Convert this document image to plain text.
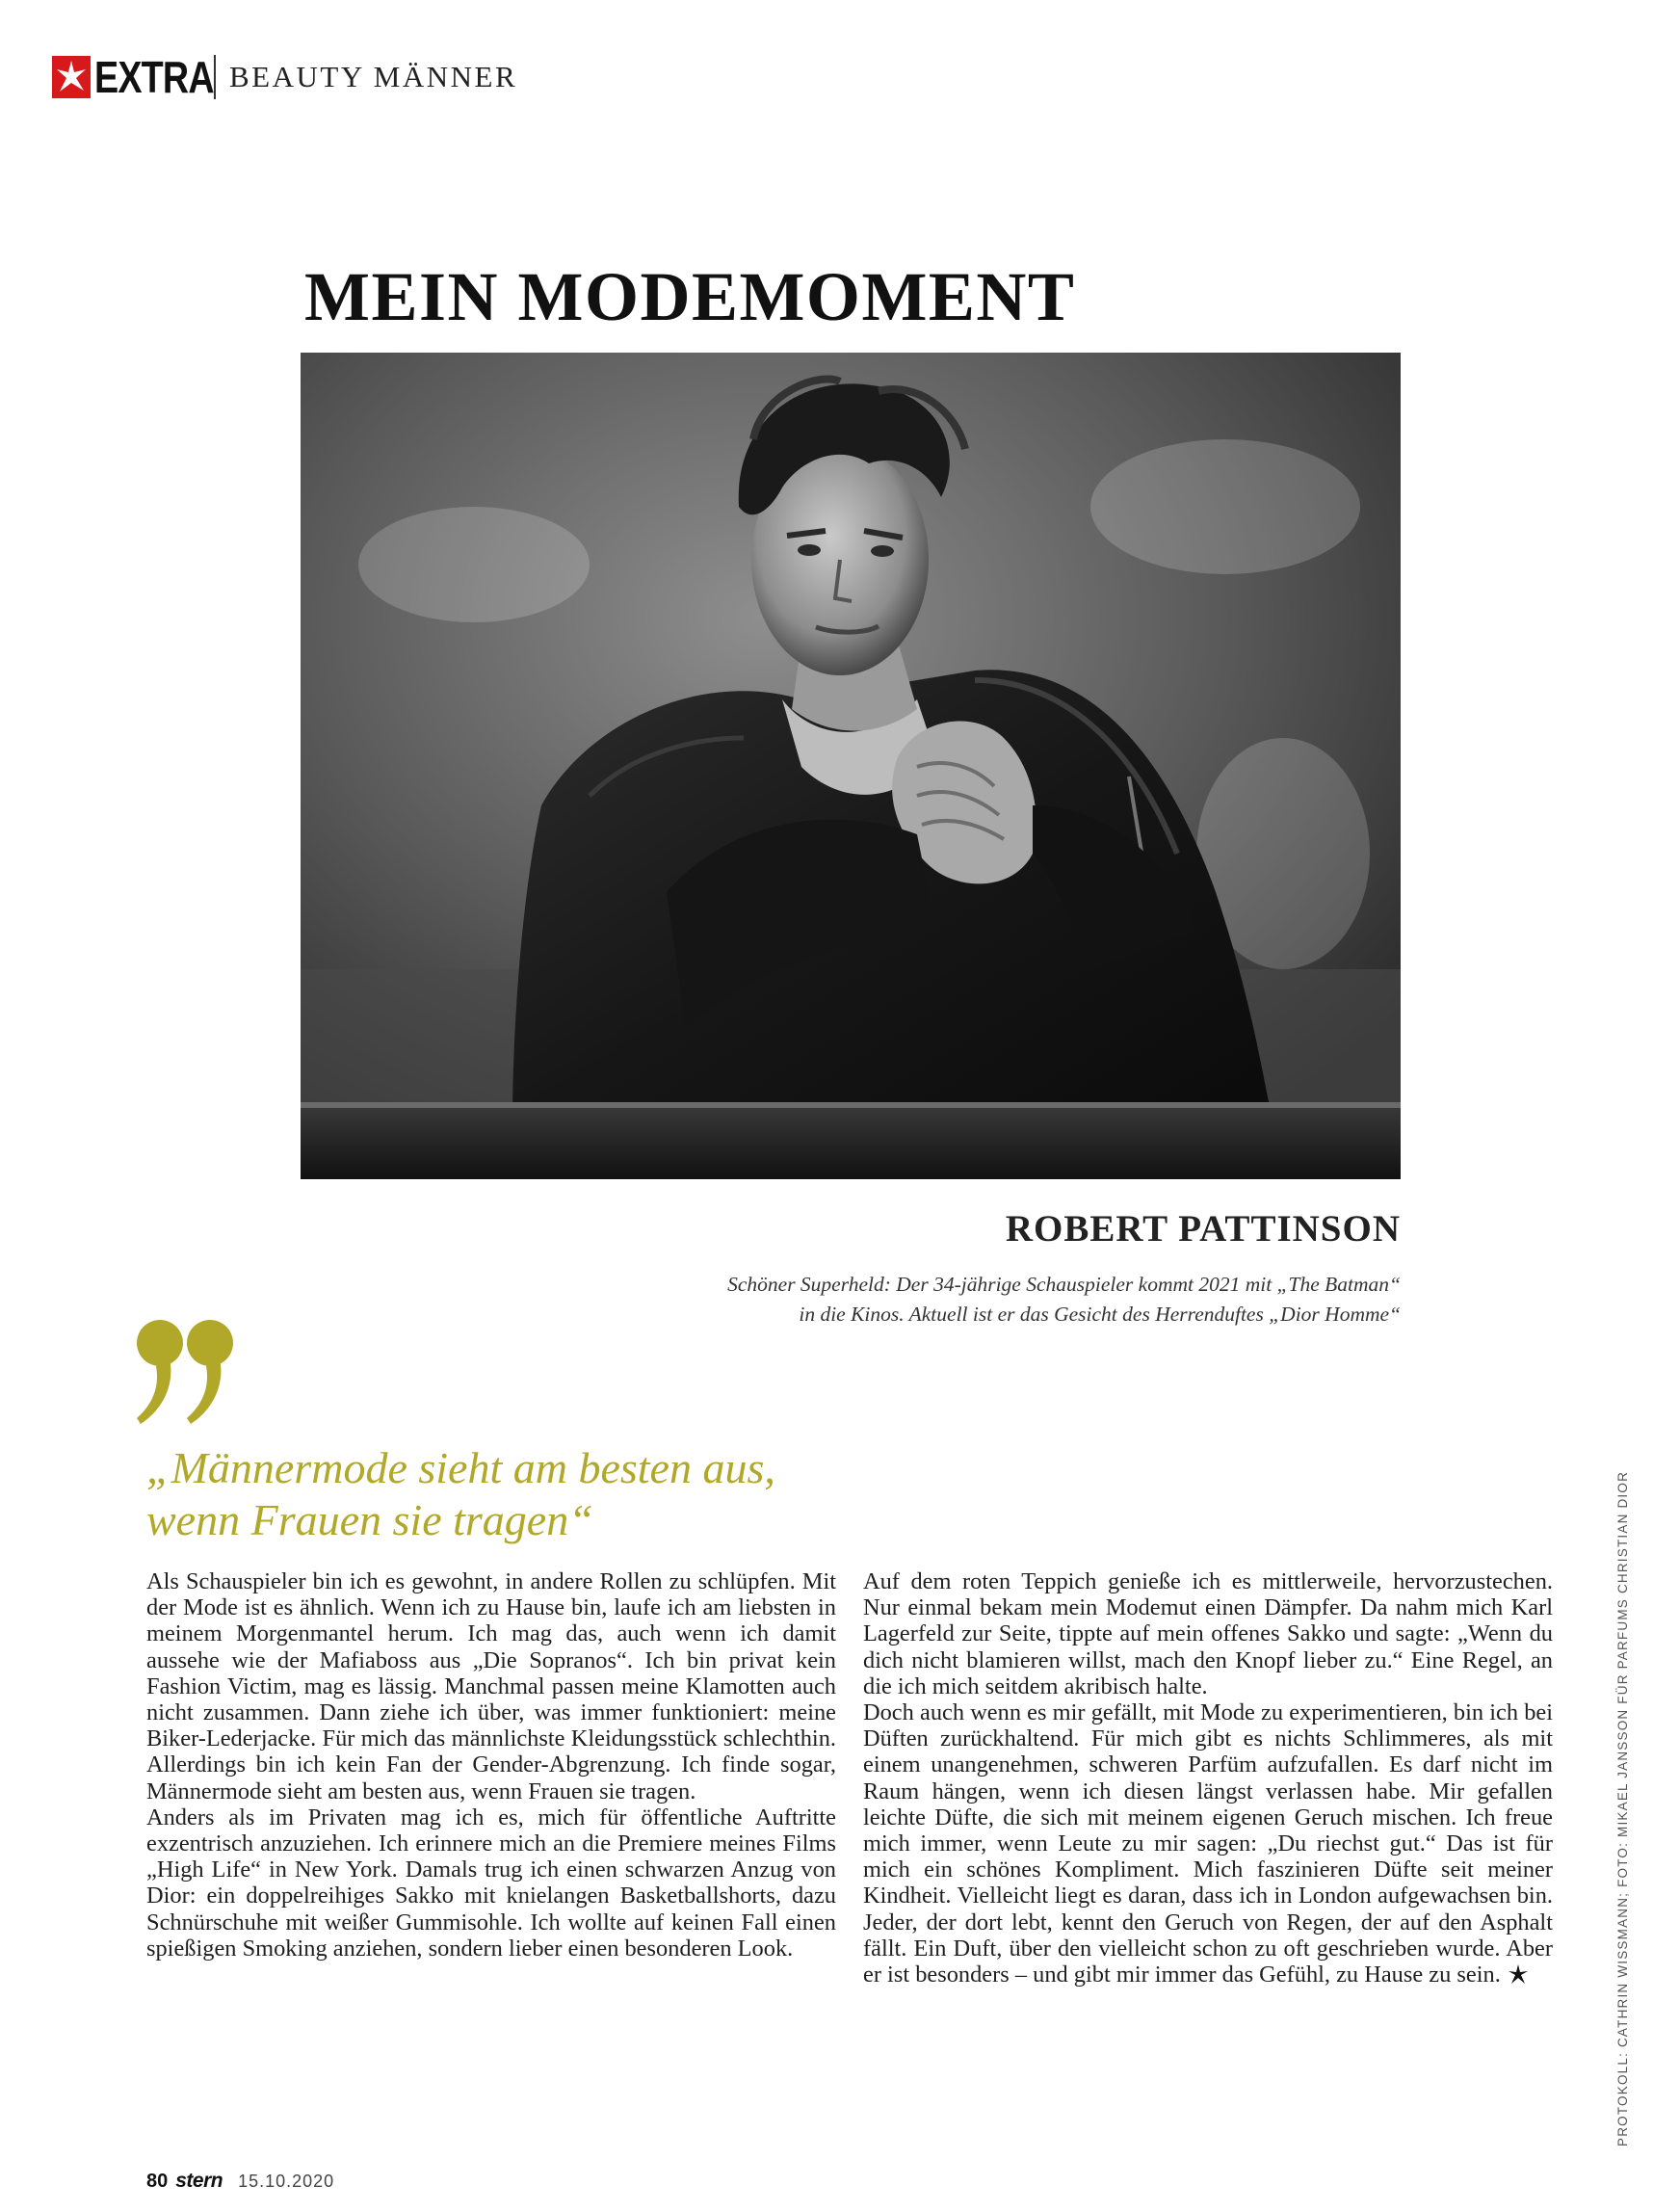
EXTRA BEAUTY MÄNNER
MEIN MODEMOMENT
ROBERT PATTINSON

Schöner Superheld: Der 34-jährige Schauspieler kommt 2021 mit „The Batman“ in die Kinos. Aktuell ist er das Gesicht des Herrenduftes „Dior Homme“

„Männermode sieht am besten aus,
wenn Frauen sie tragen“

Als Schauspieler bin ich es gewohnt, in andere Rollen zu schlüpfen. Mit der Mode ist es ähnlich. Wenn ich zu Hause bin, laufe ich am liebsten in meinem Morgenmantel herum. Ich mag das, auch wenn ich damit aussehe wie der Mafiaboss aus „Die Sopranos“. Ich bin privat kein Fashion Victim, mag es lässig. Manchmal passen meine Klamotten auch nicht zusammen. Dann ziehe ich über, was immer funktioniert: meine Biker-Lederjacke. Für mich das männlichste Kleidungsstück schlechthin. Allerdings bin ich kein Fan der Gender-Abgrenzung. Ich finde sogar, Männermode sieht am besten aus, wenn Frauen sie tragen.

Anders als im Privaten mag ich es, mich für öffentliche Auftritte exzentrisch anzuziehen. Ich erinnere mich an die Premiere meines Films „High Life“ in New York. Damals trug ich einen schwarzen Anzug von Dior: ein doppelreihiges Sakko mit knielangen Basketballshorts, dazu Schnürschuhe mit weißer Gummisohle. Ich wollte auf keinen Fall einen spießigen Smoking anziehen, sondern lieber einen besonderen Look.

Auf dem roten Teppich genieße ich es mittlerweile, hervorzustechen. Nur einmal bekam mein Modemut einen Dämpfer. Da nahm mich Karl Lagerfeld zur Seite, tippte auf mein offenes Sakko und sagte: „Wenn du dich nicht blamieren willst, mach den Knopf lieber zu.“ Eine Regel, an die ich mich seitdem akribisch halte.

Doch auch wenn es mir gefällt, mit Mode zu experimentieren, bin ich bei Düften zurückhaltend. Für mich gibt es nichts Schlimmeres, als mit einem unangenehmen, schweren Parfüm aufzufallen. Es darf nicht im Raum hängen, wenn ich diesen längst verlassen habe. Mir gefallen leichte Düfte, die sich mit meinem eigenen Geruch mischen. Ich freue mich immer, wenn Leute zu mir sagen: „Du riechst gut.“ Das ist für mich ein schönes Kompliment. Mich faszinieren Düfte seit meiner Kindheit. Vielleicht liegt es daran, dass ich in London aufgewachsen bin. Jeder, der dort lebt, kennt den Geruch von Regen, der auf den Asphalt fällt. Ein Duft, über den vielleicht schon zu oft geschrieben wurde. Aber er ist besonders – und gibt mir immer das Gefühl, zu Hause zu sein.	PROTOKOLL: CATHRIN WISSMANN; FOTO: MIKAEL JANSSON FÜR PARFUMS CHRISTIAN DIOR
80 stern 15.10.2020
